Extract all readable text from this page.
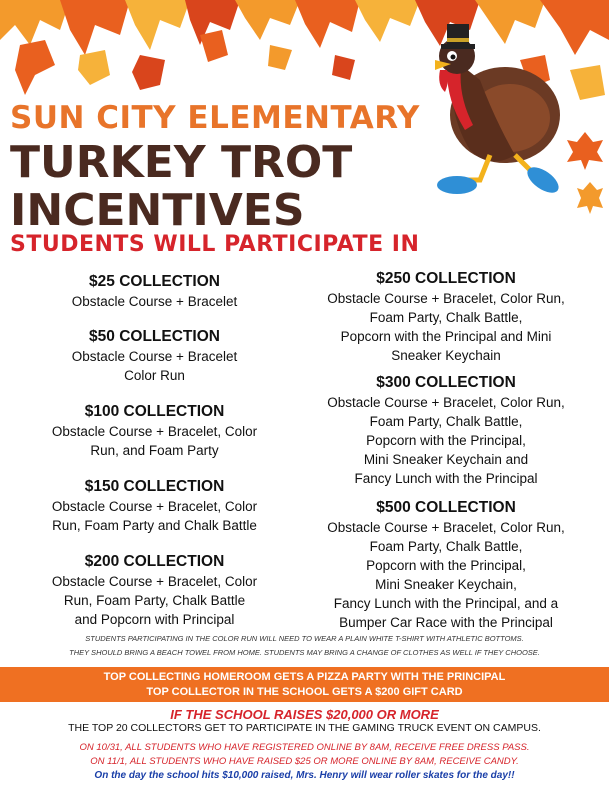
SUN CITY ELEMENTARY
TURKEY TROT
INCENTIVES
STUDENTS WILL PARTICIPATE IN
$25 COLLECTION

Obstacle Course + Bracelet

$50 COLLECTION

Obstacle Course + Bracelet
Color Run

$100 COLLECTION

Obstacle Course + Bracelet, Color
Run, and Foam Party

$150 COLLECTION

Obstacle Course + Bracelet, Color
Run, Foam Party and Chalk Battle

$200 COLLECTION

Obstacle Course + Bracelet, Color
Run, Foam Party, Chalk Battle
and Popcorn with Principal

$250 COLLECTION

Obstacle Course + Bracelet, Color Run,
Foam Party, Chalk Battle,
Popcorn with the Principal and Mini
Sneaker Keychain

$300 COLLECTION

Obstacle Course + Bracelet, Color Run,
Foam Party, Chalk Battle,
Popcorn with the Principal,
Mini Sneaker Keychain and
Fancy Lunch with the Principal

$500 COLLECTION

Obstacle Course + Bracelet, Color Run,
Foam Party, Chalk Battle,
Popcorn with the Principal,
Mini Sneaker Keychain,
Fancy Lunch with the Principal, and a
Bumper Car Race with the Principal

STUDENTS PARTICIPATING IN THE COLOR RUN WILL NEED TO WEAR A PLAIN WHITE T-SHIRT WITH ATHLETIC BOTTOMS.
THEY SHOULD BRING A BEACH TOWEL FROM HOME. STUDENTS MAY BRING A CHANGE OF CLOTHES AS WELL IF THEY CHOOSE.
TOP COLLECTING HOMEROOM GETS A PIZZA PARTY WITH THE PRINCIPAL
TOP COLLECTOR IN THE SCHOOL GETS A $200 GIFT CARD
IF THE SCHOOL RAISES $20,000 OR MORE
THE TOP 20 COLLECTORS GET TO PARTICIPATE IN THE GAMING TRUCK EVENT ON CAMPUS.
ON 10/31, ALL STUDENTS WHO HAVE REGISTERED ONLINE BY 8AM, RECEIVE FREE DRESS PASS.
ON 11/1, ALL STUDENTS WHO HAVE RAISED $25 OR MORE ONLINE BY 8AM, RECEIVE CANDY.
On the day the school hits $10,000 raised, Mrs. Henry will wear roller skates for the day!!
